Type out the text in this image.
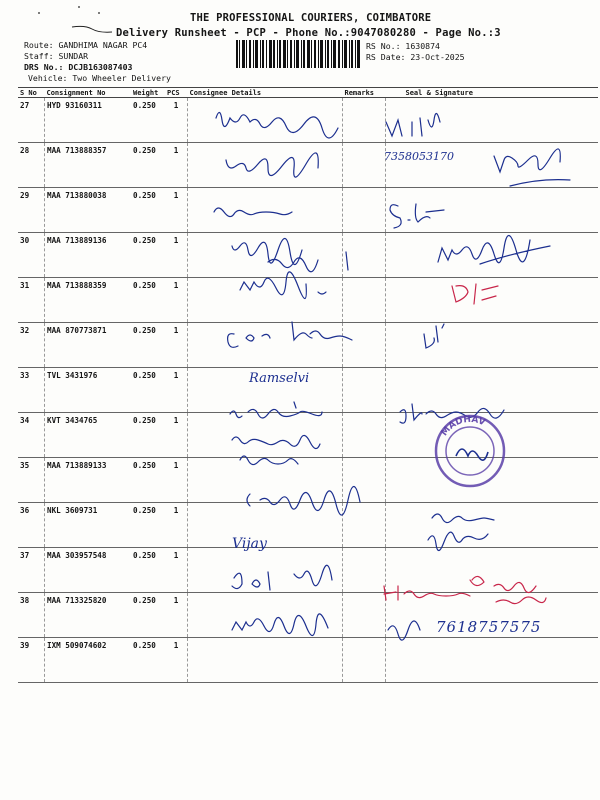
THE PROFESSIONAL COURIERS, COIMBATORE
Delivery Runsheet - PCP - Phone No.:9047080280 - Page No.:3
Route: GANDHIMA NAGAR PC4
Staff: SUNDAR
DRS No.: DCJB163087403
Vehicle: Two Wheeler Delivery
RS No.: 1630874
RS Date: 23-Oct-2025
S No	Consignment No	Weight	PCS	Consignee Details	Remarks	Seal & Signature
27	HYD 93160311	0.250	1			
28	MAA 713888357	0.250	1			
29	MAA 713880038	0.250	1			
30	MAA 713889136	0.250	1			
31	MAA 713888359	0.250	1			
32	MAA 870773871	0.250	1			
33	TVL 3431976	0.250	1			
34	KVT 3434765	0.250	1			
35	MAA 713889133	0.250	1			
36	NKL 3609731	0.250	1			
37	MAA 303957548	0.250	1			
38	MAA 713325820	0.250	1			
39	IXM 509074602	0.250	1			
Ramselvi
Vijay
7358053170
7618757575
MADHAV
